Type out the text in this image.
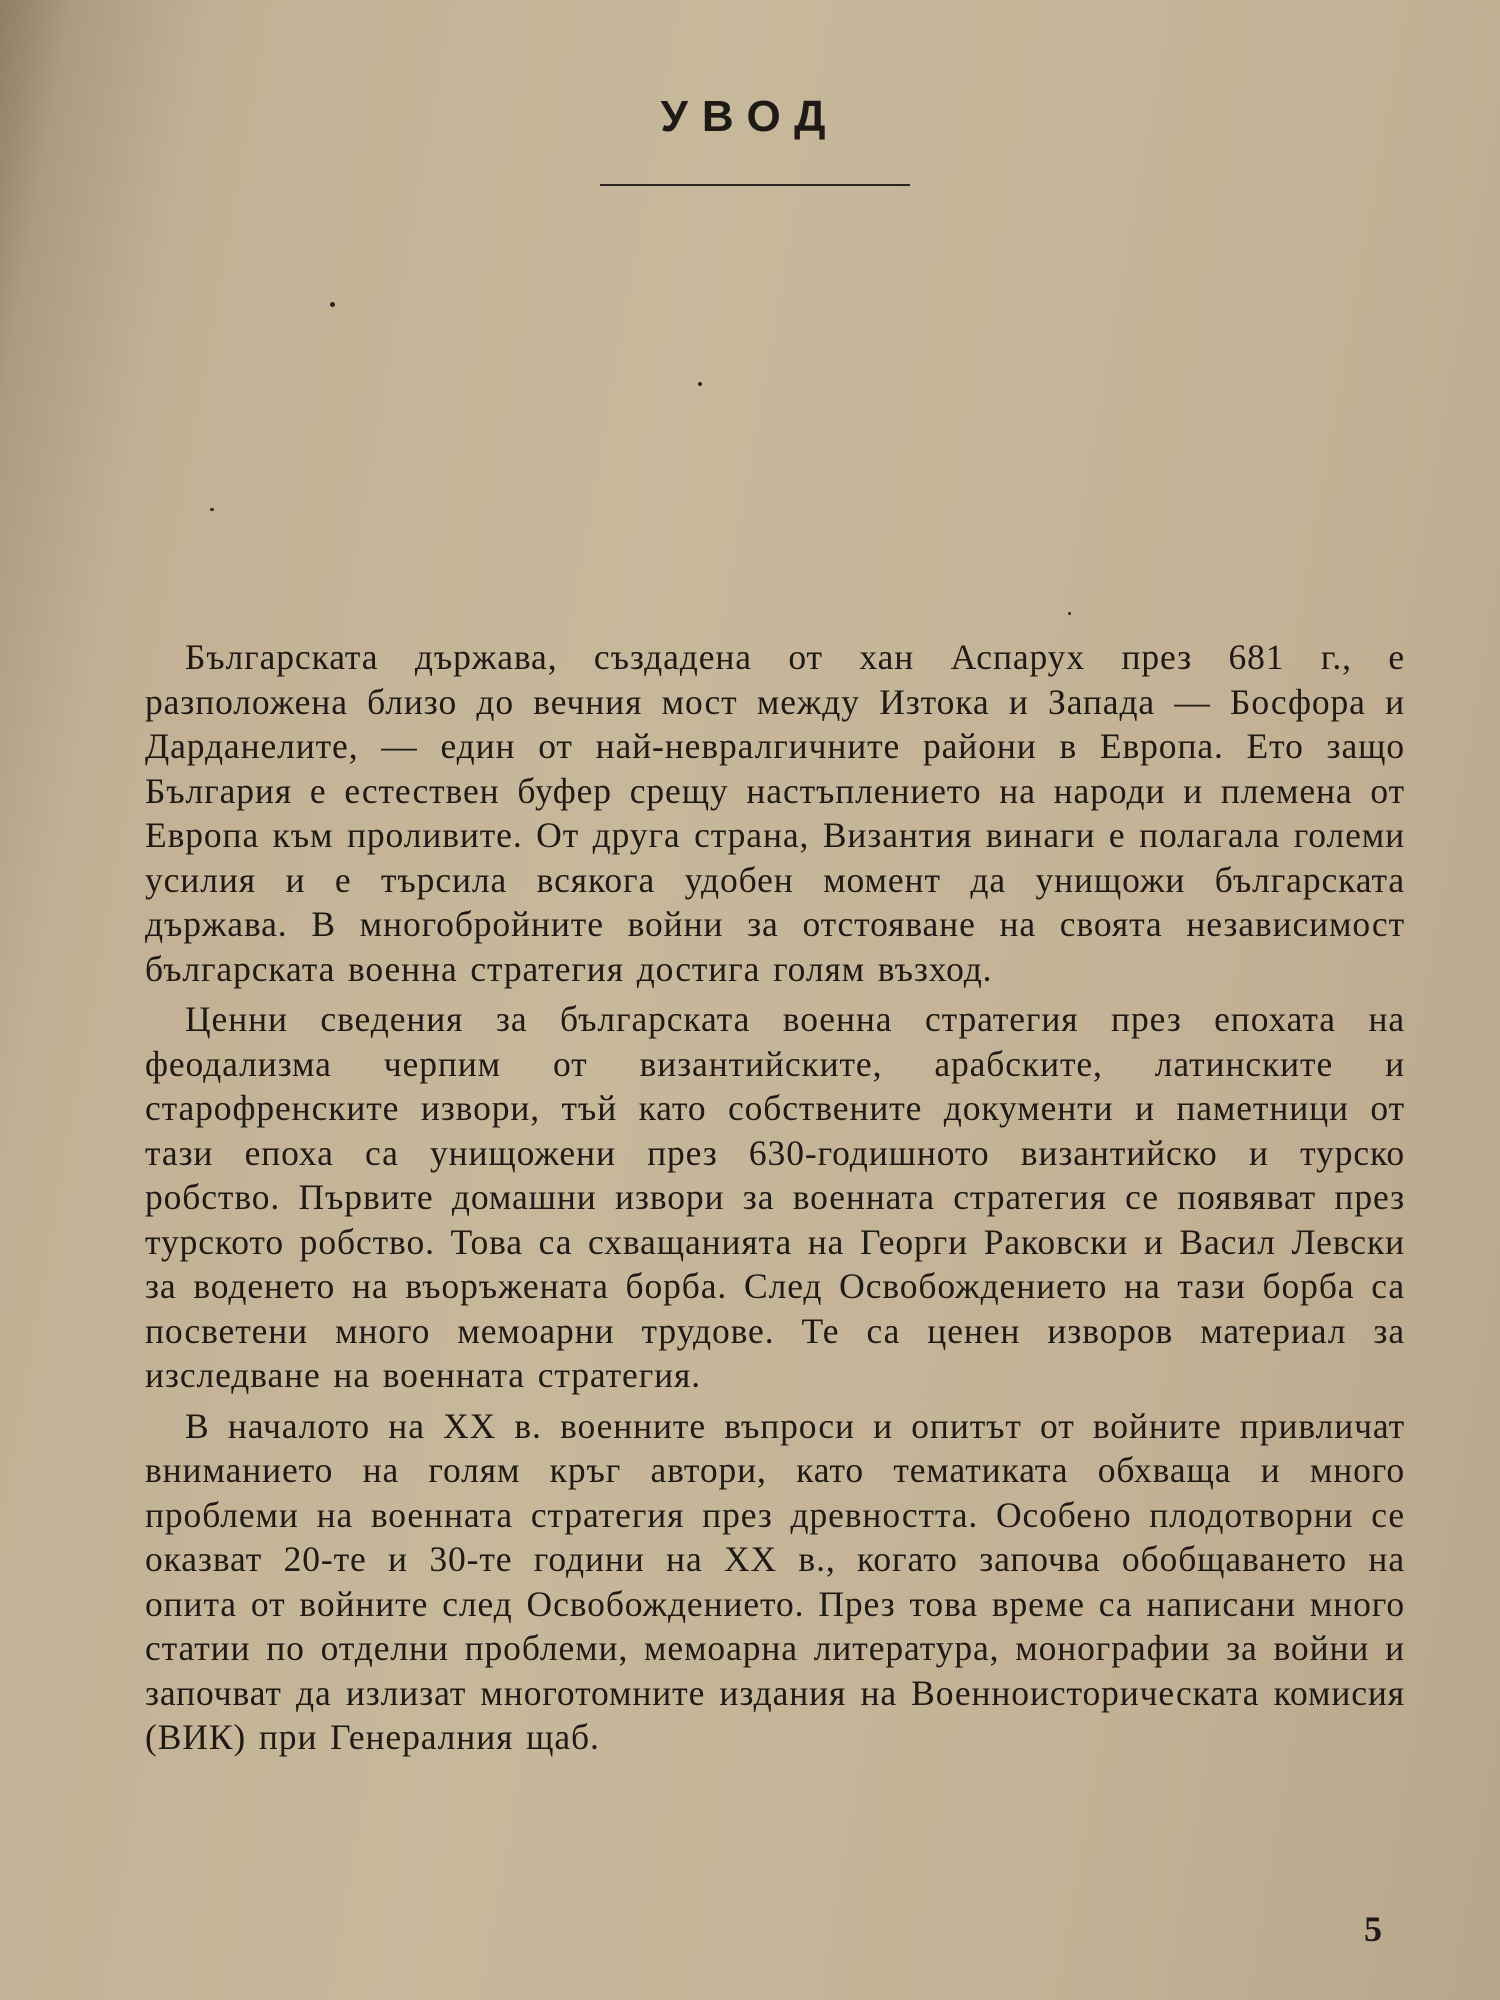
УВОД

Българската държава, създадена от хан Аспарух през 681 г., е разположена близо до вечния мост между Изтока и Запада — Босфора и Дарданелите, — един от най-невралгичните райони в Европа. Ето защо България е естествен буфер срещу настъплението на народи и племена от Европа към проливите. От друга страна, Византия винаги е полагала големи усилия и е търсила всякога удобен момент да унищожи българската държава. В многобройните войни за отстояване на своята независимост българската военна стратегия достига голям възход.

Ценни сведения за българската военна стратегия през епохата на феодализма черпим от византийските, арабските, латинските и старофренските извори, тъй като собствените документи и паметници от тази епоха са унищожени през 630-годишното византийско и турско робство. Първите домашни извори за военната стратегия се появяват през турското робство. Това са схващанията на Георги Раковски и Васил Левски за воденето на въоръжената борба. След Освобождението на тази борба са посветени много мемоарни трудове. Те са ценен изворов материал за изследване на военната стратегия.

В началото на XX в. военните въпроси и опитът от войните привличат вниманието на голям кръг автори, като тематиката обхваща и много проблеми на военната стратегия през древността. Особено плодотворни се оказват 20-те и 30-те години на XX в., когато започва обобщаването на опита от войните след Освобождението. През това време са написани много статии по отделни проблеми, мемоарна литература, монографии за войни и започват да излизат многотомните издания на Военноисторическата комисия (ВИК) при Генералния щаб.

5
